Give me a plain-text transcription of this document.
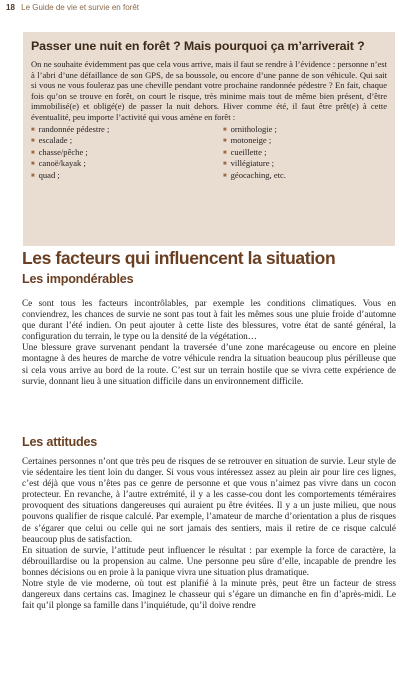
18 Le Guide de vie et survie en forêt
Passer une nuit en forêt ? Mais pourquoi ça m’arriverait ?

On ne souhaite évidemment pas que cela vous arrive, mais il faut se rendre à l’évidence : personne n’est à l’abri d’une défaillance de son GPS, de sa boussole, ou encore d’une panne de son véhicule. Qui sait si vous ne vous fouleraz pas une cheville pendant votre prochaine randonnée pédestre ? En fait, chaque fois qu’on se trouve en forêt, on court le risque, très minime mais tout de même bien présent, d’être immobilisé(e) et obligé(e) de passer la nuit dehors. Hiver comme été, il faut être prêt(e) à cette éventualité, peu importe l’activité qui vous amène en forêt :

■ randonnée pédestre ;
■ escalade ;
■ chasse/pêche ;
■ canoë/kayak ;
■ quad ;
■ ornithologie ;
■ motoneige ;
■ cueillette ;
■ villégiature ;
■ géocaching, etc.
Les facteurs qui influencent la situation
Les impondérables

Ce sont tous les facteurs incontrôlables, par exemple les conditions climatiques. Vous en conviendrez, les chances de survie ne sont pas tout à fait les mêmes sous une pluie froide d’automne que durant l’été indien. On peut ajouter à cette liste des blessures, votre état de santé général, la configuration du terrain, le type ou la densité de la végétation…

Une blessure grave survenant pendant la traversée d’une zone marécageuse ou encore en pleine montagne à des heures de marche de votre véhicule rendra la situation beaucoup plus périlleuse que si cela vous arrive au bord de la route. C’est sur un terrain hostile que se vivra cette expérience de survie, donnant lieu à une situation difficile dans un environnement difficile.

Les attitudes

Certaines personnes n’ont que très peu de risques de se retrouver en situation de survie. Leur style de vie sédentaire les tient loin du danger. Si vous vous intéressez assez au plein air pour lire ces lignes, c’est déjà que vous n’êtes pas ce genre de personne et que vous n’aimez pas vivre dans un cocon protecteur. En revanche, à l’autre extrémité, il y a les casse-cou dont les comportements téméraires provoquent des situations dangereuses qui auraient pu être évitées. Il y a un juste milieu, que nous pouvons qualifier de risque calculé. Par exemple, l’amateur de marche d’orientation a plus de risques de s’égarer que celui ou celle qui ne sort jamais des sentiers, mais il retire de ce risque calculé beaucoup plus de satisfaction.

En situation de survie, l’attitude peut influencer le résultat : par exemple la force de caractère, la débrouillardise ou la propension au calme. Une personne peu sûre d’elle, incapable de prendre les bonnes décisions ou en proie à la panique vivra une situation plus dramatique.

Notre style de vie moderne, où tout est planifié à la minute près, peut être un facteur de stress dangereux dans certains cas. Imaginez le chasseur qui s’égare un dimanche en fin d’après-midi. Le fait qu’il plonge sa famille dans l’inquiétude, qu’il doive rendre
